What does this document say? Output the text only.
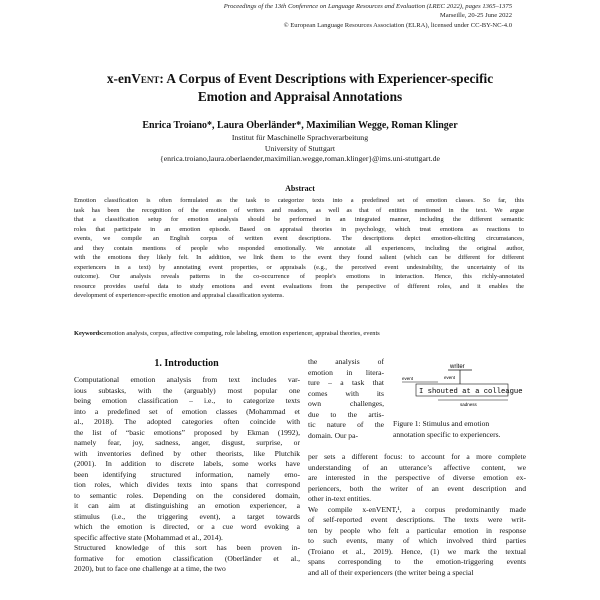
Proceedings of the 13th Conference on Language Resources and Evaluation (LREC 2022), pages 1365–1375
Marseille, 20-25 June 2022
© European Language Resources Association (ELRA), licensed under CC-BY-NC-4.0
x-enVent: A Corpus of Event Descriptions with Experiencer-specific
Emotion and Appraisal Annotations
Enrica Troiano*, Laura Oberländer*, Maximilian Wegge, Roman Klinger
Institut für Maschinelle Sprachverarbeitung
University of Stuttgart
{enrica.troiano,laura.oberlaender,maximilian.wegge,roman.klinger}@ims.uni-stuttgart.de
Abstract
Emotion classification is often formulated as the task to categorize texts into a predefined set of emotion classes. So far, this
task has been the recognition of the emotion of writers and readers, as well as that of entities mentioned in the text. We argue
that a classification setup for emotion analysis should be performed in an integrated manner, including the different semantic
roles that participate in an emotion episode. Based on appraisal theories in psychology, which treat emotions as reactions to
events, we compile an English corpus of written event descriptions. The descriptions depict emotion-eliciting circumstances,
and they contain mentions of people who responded emotionally. We annotate all experiencers, including the original author,
with the emotions they likely felt. In addition, we link them to the event they found salient (which can be different for different
experiencers in a text) by annotating event properties, or appraisals (e.g., the perceived event undesirability, the uncertainty of its
outcome). Our analysis reveals patterns in the co-occurrence of people's emotions in interaction. Hence, this richly-annotated
resource provides useful data to study emotions and event evaluations from the perspective of different roles, and it enables the
development of experiencer-specific emotion and appraisal classification systems.
Keywords:emotion analysis, corpus, affective computing, role labeling, emotion experiencer, appraisal theories, events
1. Introduction
Computational emotion analysis from text includes var-
ious subtasks, with the (arguably) most popular one
being emotion classification – i.e., to categorize texts
into a predefined set of emotion classes (Mohammad et
al., 2018). The adopted categories often coincide with
the list of “basic emotions” proposed by Ekman (1992),
namely fear, joy, sadness, anger, disgust, surprise, or
with inventories defined by other theorists, like Plutchik
(2001). In addition to discrete labels, some works have
been identifying structured information, namely emo-
tion roles, which divides texts into spans that correspond
to semantic roles. Depending on the considered domain,
it can aim at distinguishing an emotion experiencer, a
stimulus (i.e., the triggering event), a target towards
which the emotion is directed, or a cue word evoking a
specific affective state (Mohammad et al., 2014).
Structured knowledge of this sort has been proven in-
formative for emotion classification (Oberländer et al.,
2020), but to face one challenge at a time, the two
the analysis of
emotion in litera-
ture – a task that
comes with its
own challenges,
due to the artis-
tic nature of the
domain. Our pa-
writer
event
I shouted at a colleague
event
sadness
Figure 1: Stimulus and emotion
annotation specific to experiencers.
per sets a different focus: to account for a more complete
understanding of an utterance’s affective content, we
are interested in the perspective of diverse emotion ex-
periencers, both the writer of an event description and
other in-text entities.
We compile x-enVENT,¹, a corpus predominantly made
of self-reported event descriptions. The texts were writ-
ten by people who felt a particular emotion in response
to such events, many of which involved third parties
(Troiano et al., 2019). Hence, (1) we mark the textual
spans corresponding to the emotion-triggering events
and all of their experiencers (the writer being a special
